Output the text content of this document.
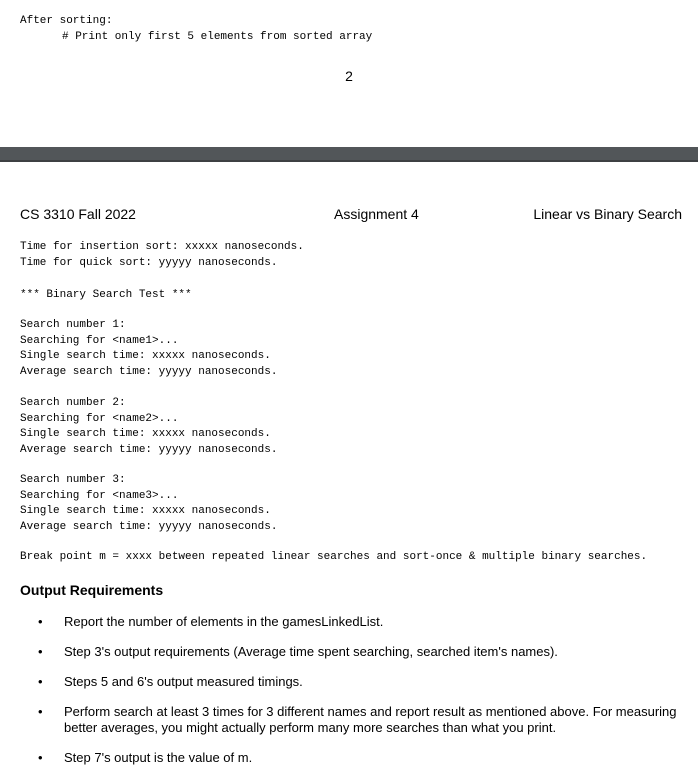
After sorting:
# Print only first 5 elements from sorted array
2
CS 3310 Fall 2022	Assignment 4	Linear vs Binary Search
Time for insertion sort: xxxxx nanoseconds.
Time for quick sort: yyyyy nanoseconds.
*** Binary Search Test ***
Search number 1:
Searching for <name1>...
Single search time: xxxxx nanoseconds.
Average search time: yyyyy nanoseconds.
Search number 2:
Searching for <name2>...
Single search time: xxxxx nanoseconds.
Average search time: yyyyy nanoseconds.
Search number 3:
Searching for <name3>...
Single search time: xxxxx nanoseconds.
Average search time: yyyyy nanoseconds.
Break point m = xxxx between repeated linear searches and sort-once & multiple binary searches.
Output Requirements
• Report the number of elements in the gamesLinkedList.
• Step 3's output requirements (Average time spent searching, searched item's names).
• Steps 5 and 6's output measured timings.
• Perform search at least 3 times for 3 different names and report result as mentioned above. For measuring better averages, you might actually perform many more searches than what you print.
• Step 7's output is the value of m.
